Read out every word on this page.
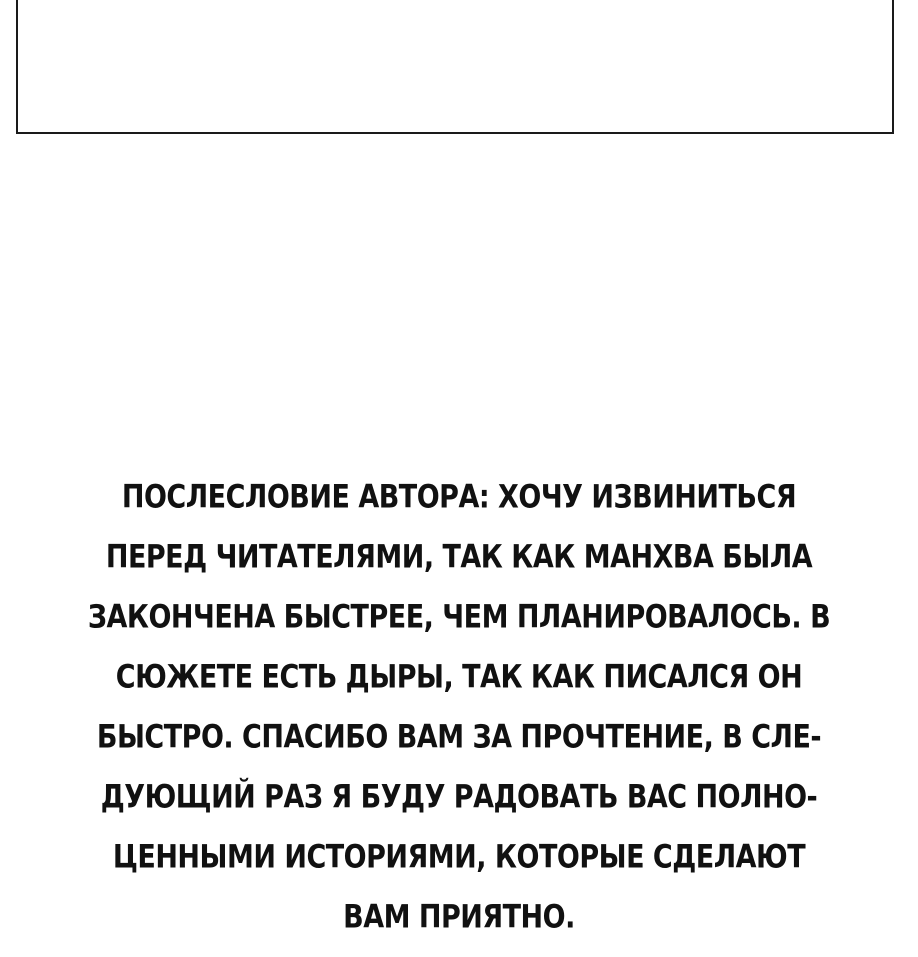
ПОСЛЕСЛОВИЕ АВТОРА: ХОЧУ ИЗВИНИТЬСЯ
ПЕРЕД ЧИТАТЕЛЯМИ, ТАК КАК МАНХВА БЫЛА
ЗАКОНЧЕНА БЫСТРЕЕ, ЧЕМ ПЛАНИРОВАЛОСЬ. В
СЮЖЕТЕ ЕСТЬ ДЫРЫ, ТАК КАК ПИСАЛСЯ ОН
БЫСТРО. СПАСИБО ВАМ ЗА ПРОЧТЕНИЕ, В СЛЕ-
ДУЮЩИЙ РАЗ Я БУДУ РАДОВАТЬ ВАС ПОЛНО-
ЦЕННЫМИ ИСТОРИЯМИ, КОТОРЫЕ СДЕЛАЮТ
ВАМ ПРИЯТНО.
